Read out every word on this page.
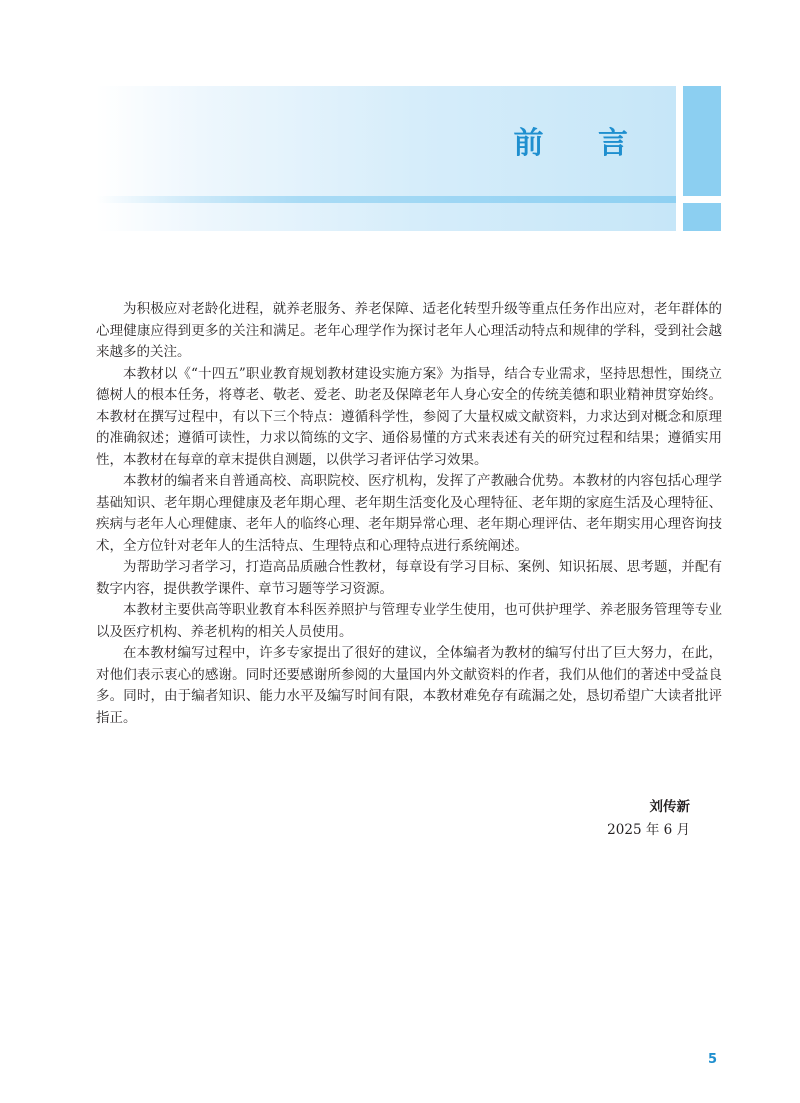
前 言

为积极应对老龄化进程，就养老服务、养老保障、适老化转型升级等重点任务作出应对，老年群体的心理健康应得到更多的关注和满足。老年心理学作为探讨老年人心理活动特点和规律的学科，受到社会越来越多的关注。

本教材以《“十四五”职业教育规划教材建设实施方案》为指导，结合专业需求，坚持思想性，围绕立德树人的根本任务，将尊老、敬老、爱老、助老及保障老年人身心安全的传统美德和职业精神贯穿始终。本教材在撰写过程中，有以下三个特点：遵循科学性，参阅了大量权威文献资料，力求达到对概念和原理的准确叙述；遵循可读性，力求以简练的文字、通俗易懂的方式来表述有关的研究过程和结果；遵循实用性，本教材在每章的章末提供自测题，以供学习者评估学习效果。

本教材的编者来自普通高校、高职院校、医疗机构，发挥了产教融合优势。本教材的内容包括心理学基础知识、老年期心理健康及老年期心理、老年期生活变化及心理特征、老年期的家庭生活及心理特征、疾病与老年人心理健康、老年人的临终心理、老年期异常心理、老年期心理评估、老年期实用心理咨询技术，全方位针对老年人的生活特点、生理特点和心理特点进行系统阐述。

为帮助学习者学习，打造高品质融合性教材，每章设有学习目标、案例、知识拓展、思考题，并配有数字内容，提供教学课件、章节习题等学习资源。

本教材主要供高等职业教育本科医养照护与管理专业学生使用，也可供护理学、养老服务管理等专业以及医疗机构、养老机构的相关人员使用。

在本教材编写过程中，许多专家提出了很好的建议，全体编者为教材的编写付出了巨大努力，在此，对他们表示衷心的感谢。同时还要感谢所参阅的大量国内外文献资料的作者，我们从他们的著述中受益良多。同时，由于编者知识、能力水平及编写时间有限，本教材难免存有疏漏之处，恳切希望广大读者批评指正。

刘传新
2025 年 6 月
5
